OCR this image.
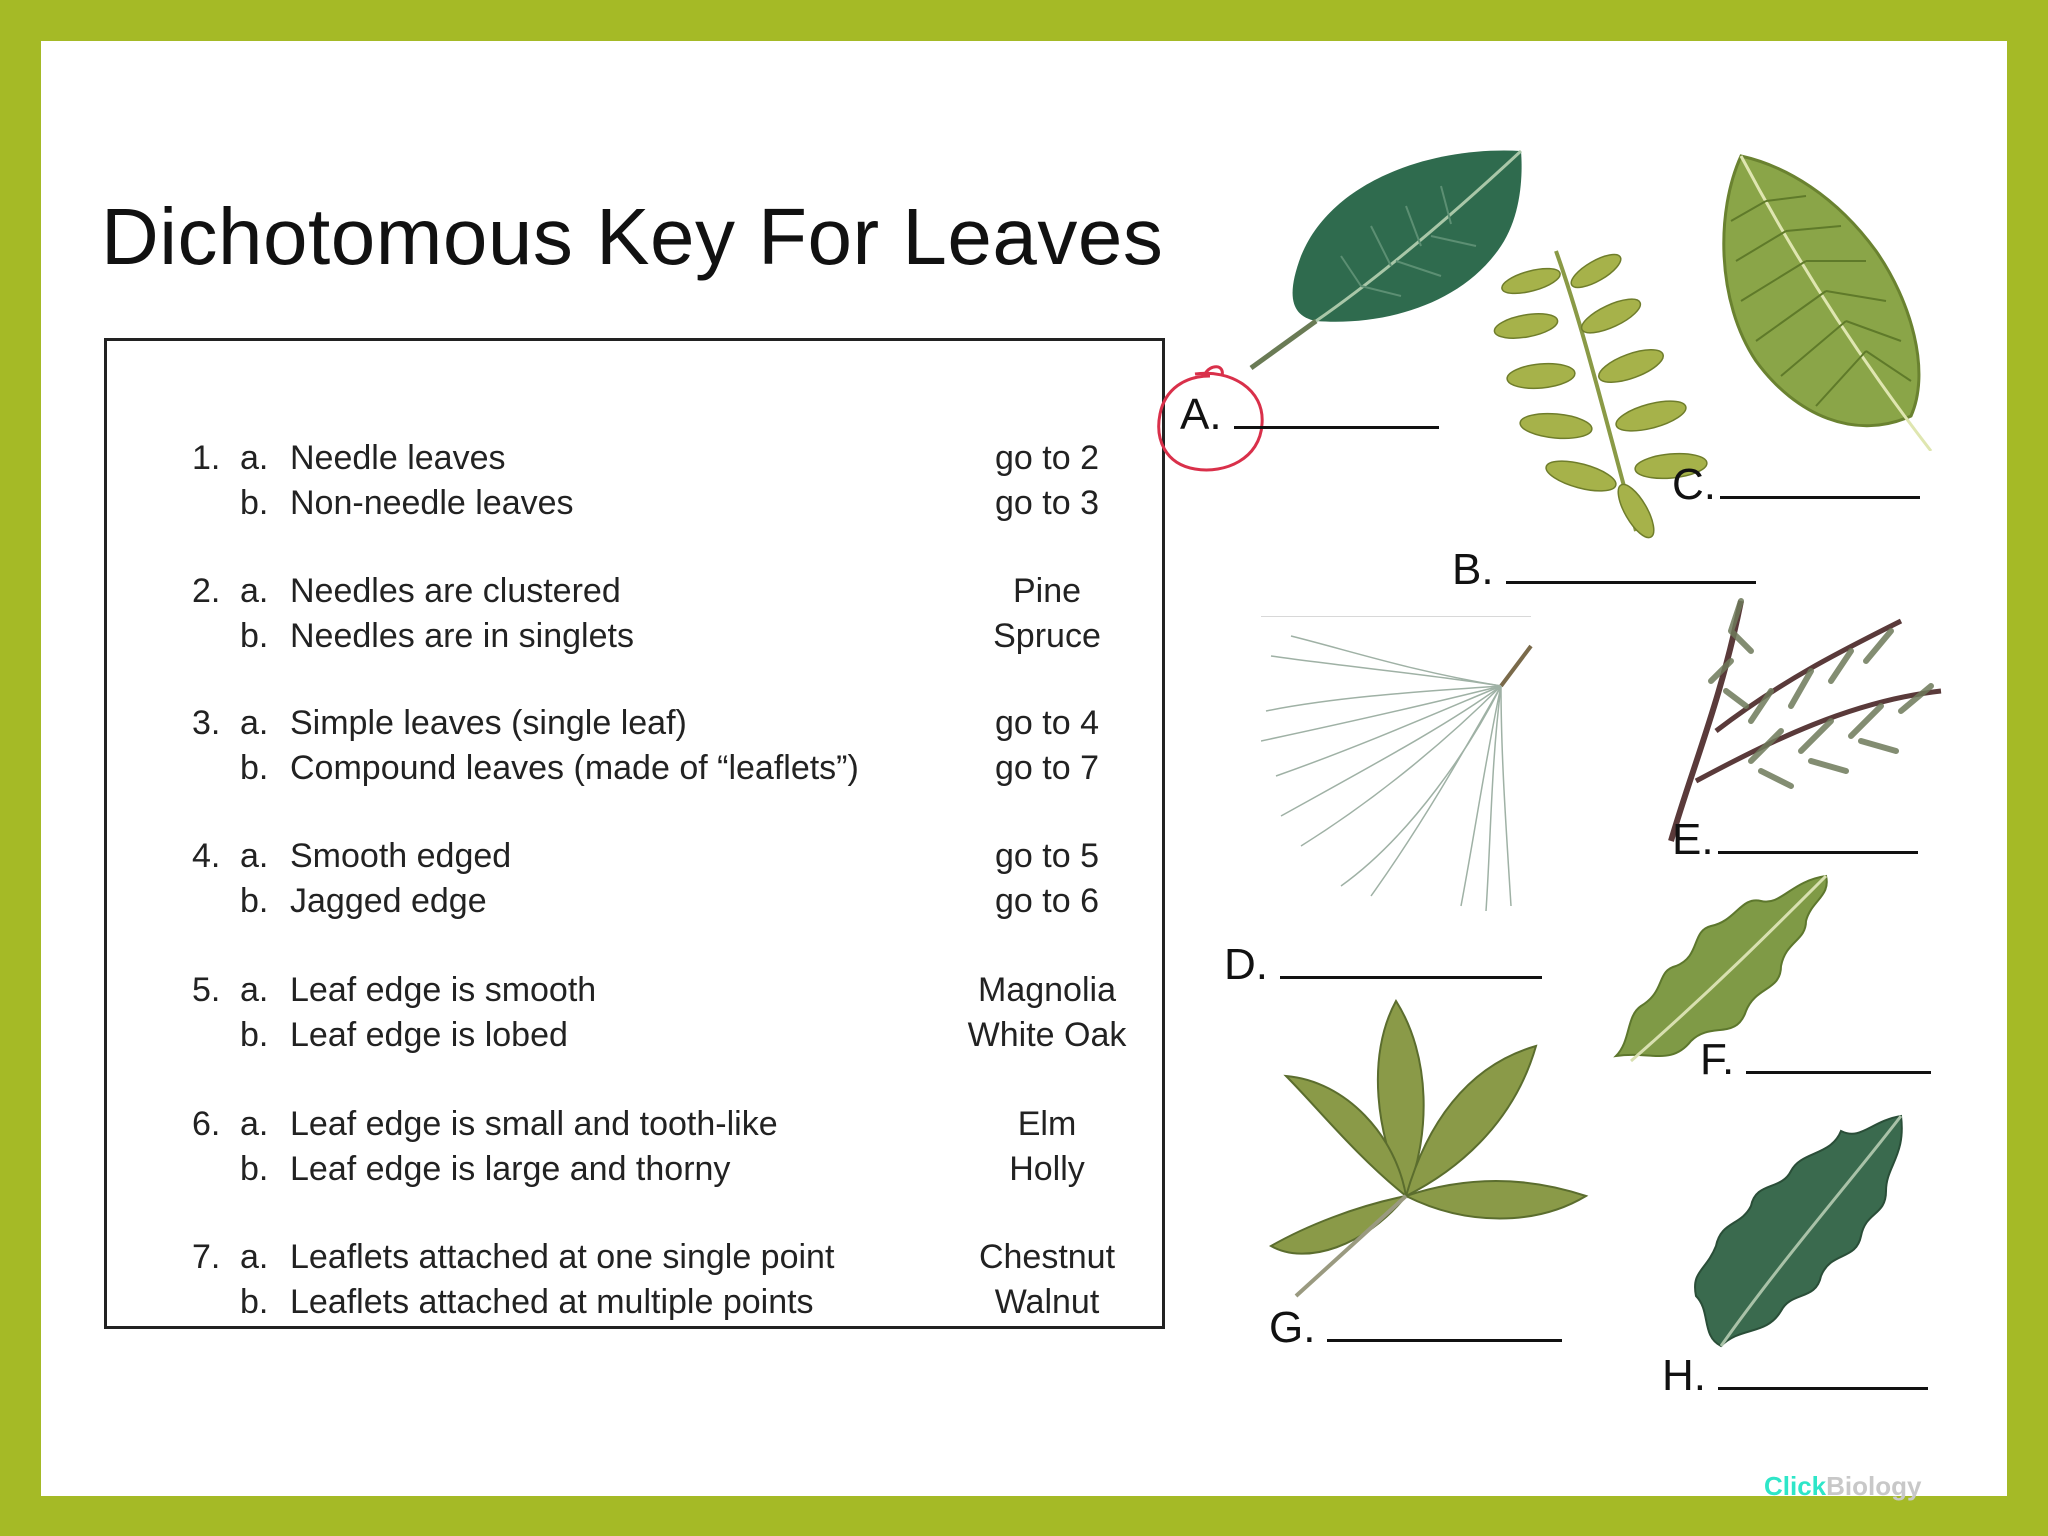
Dichotomous Key For Leaves
1. a. Needle leaves	go to 2
b. Non-needle leaves	go to 3
2. a. Needles are clustered	Pine
b. Needles are in singlets	Spruce
3. a. Simple leaves (single leaf)	go to 4
b. Compound leaves (made of “leaflets”)	go to 7
4. a. Smooth edged	go to 5
b. Jagged edge	go to 6
5. a. Leaf edge is smooth	Magnolia
b. Leaf edge is lobed	White Oak
6. a. Leaf edge is small and tooth-like	Elm
b. Leaf edge is large and thorny	Holly
7. a. Leaflets attached at one single point	Chestnut
b. Leaflets attached at multiple points	Walnut
A.
B.
C.
D.
E.
F.
G.
H.
ClickBiology
